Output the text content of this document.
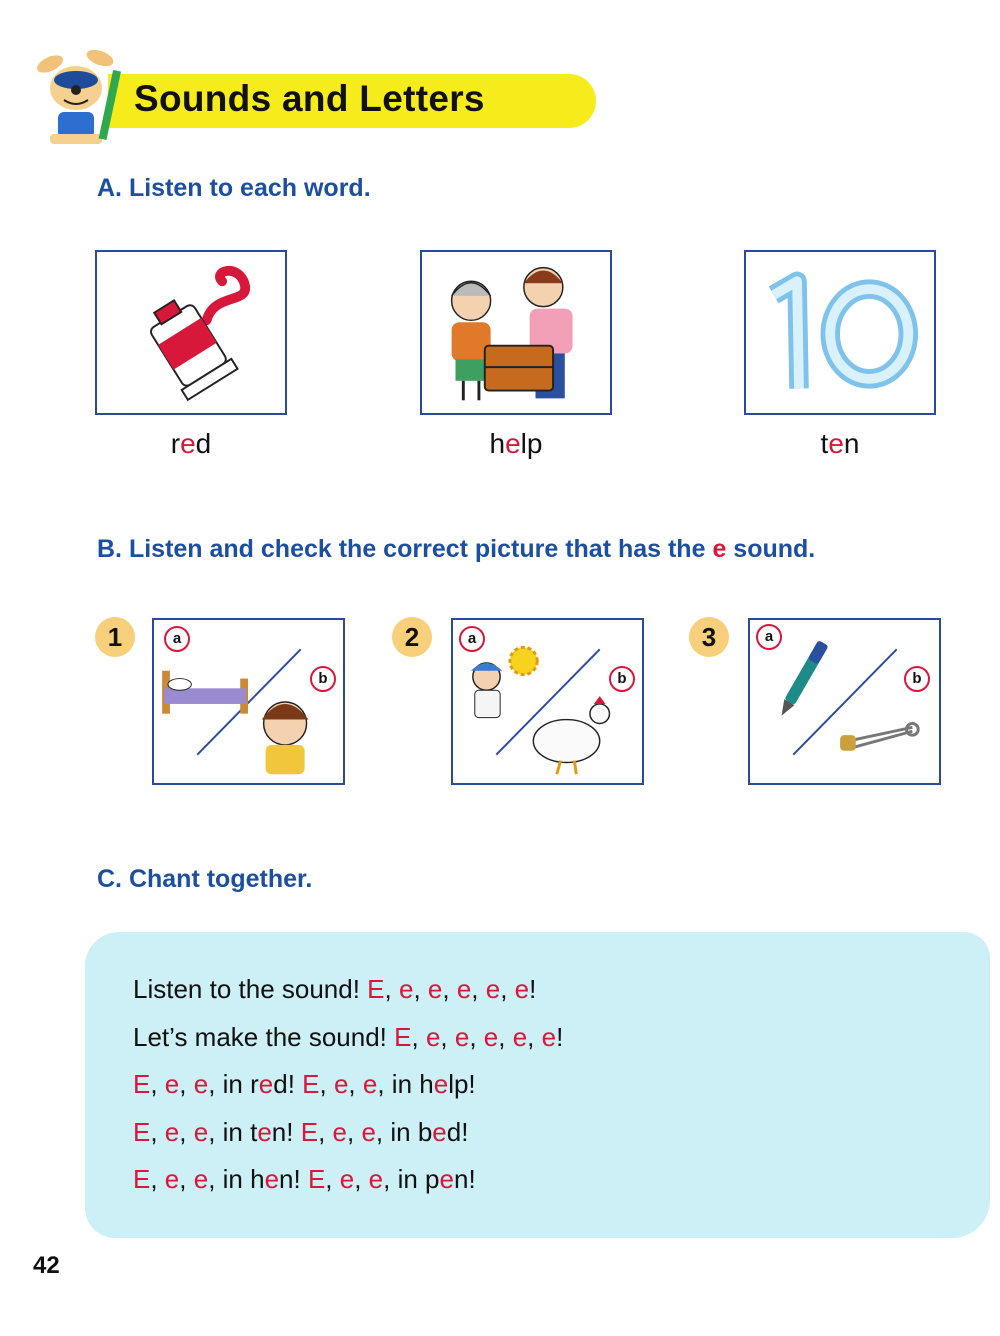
Sounds and Letters
A. Listen to each word.
red	help	ten
B. Listen and check the correct picture that has the e sound.
1	a
b
2	a
b
3	a
b
C. Chant together.
Listen to the sound! E, e, e, e, e, e!
Let’s make the sound! E, e, e, e, e, e!
E, e, e, in red! E, e, e, in help!
E, e, e, in ten! E, e, e, in bed!
E, e, e, in hen! E, e, e, in pen!
42
